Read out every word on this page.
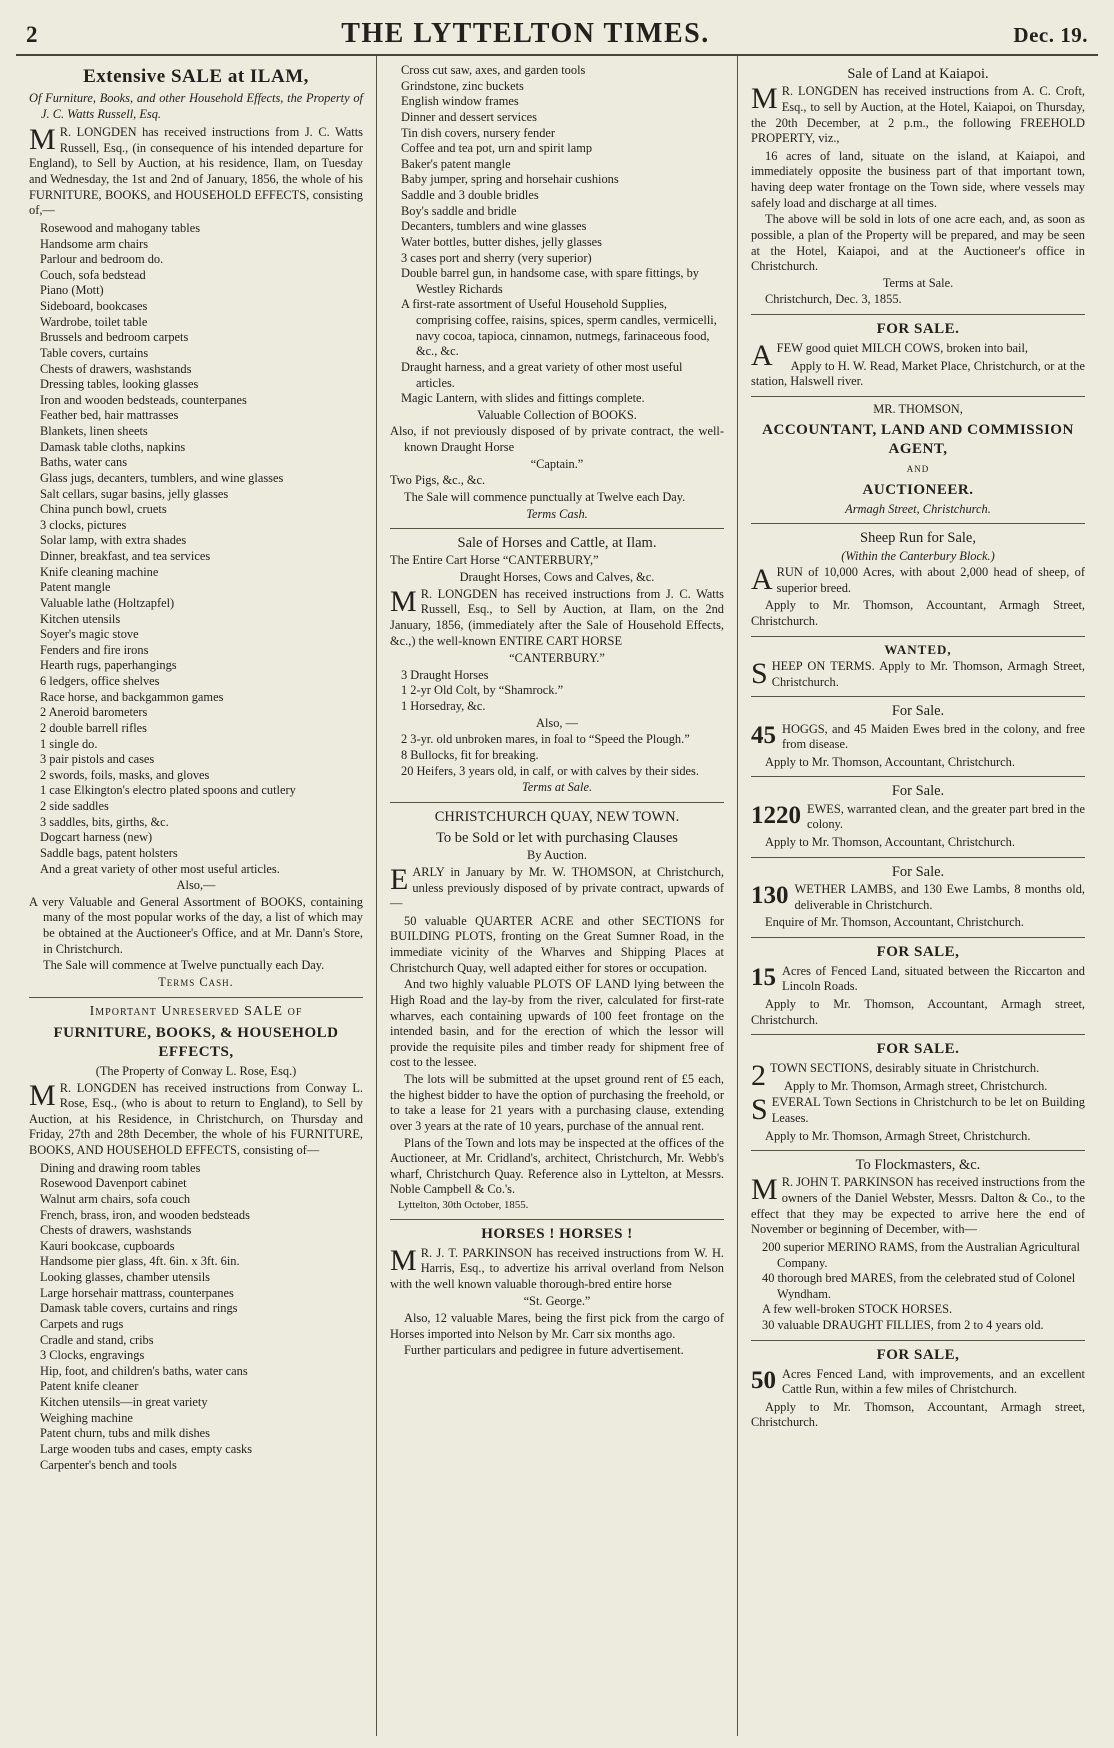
2	THE LYTTELTON TIMES.	Dec. 19.

Extensive SALE at ILAM,

Of Furniture, Books, and other Household Effects, the Property of J. C. Watts Russell, Esq.

M R. LONGDEN has received instructions from J. C. Watts Russell, Esq., (in consequence of his intended departure for England), to Sell by Auction, at his residence, Ilam, on Tuesday and Wednesday, the 1st and 2nd of January, 1856, the whole of his FURNITURE, BOOKS, and HOUSEHOLD EFFECTS, consisting of,—

Rosewood and mahogany tables
Handsome arm chairs
Parlour and bedroom do.
Couch, sofa bedstead
Piano (Mott)
Sideboard, bookcases
Wardrobe, toilet table
Brussels and bedroom carpets
Table covers, curtains
Chests of drawers, washstands
Dressing tables, looking glasses
Iron and wooden bedsteads, counterpanes
Feather bed, hair mattrasses
Blankets, linen sheets
Damask table cloths, napkins
Baths, water cans
Glass jugs, decanters, tumblers, and wine glasses
Salt cellars, sugar basins, jelly glasses
China punch bowl, cruets
3 clocks, pictures
Solar lamp, with extra shades
Dinner, breakfast, and tea services
Knife cleaning machine
Patent mangle
Valuable lathe (Holtzapfel)
Kitchen utensils
Soyer's magic stove
Fenders and fire irons
Hearth rugs, paperhangings
6 ledgers, office shelves
Race horse, and backgammon games
2 Aneroid barometers
2 double barrell rifles
1 single do.
3 pair pistols and cases
2 swords, foils, masks, and gloves
1 case Elkington's electro plated spoons and cutlery
2 side saddles
3 saddles, bits, girths, &c.
Dogcart harness (new)
Saddle bags, patent holsters
And a great variety of other most useful articles.

Also,—

A very Valuable and General Assortment of BOOKS, containing many of the most popular works of the day, a list of which may be obtained at the Auctioneer's Office, and at Mr. Dann's Store, in Christchurch.

The Sale will commence at Twelve punctually each Day.

Terms Cash.

Important Unreserved SALE of

FURNITURE, BOOKS, & HOUSEHOLD EFFECTS,

(The Property of Conway L. Rose, Esq.)

M R. LONGDEN has received instructions from Conway L. Rose, Esq., (who is about to return to England), to Sell by Auction, at his Residence, in Christchurch, on Thursday and Friday, 27th and 28th December, the whole of his FURNITURE, BOOKS, AND HOUSEHOLD EFFECTS, consisting of—

Dining and drawing room tables
Rosewood Davenport cabinet
Walnut arm chairs, sofa couch
French, brass, iron, and wooden bedsteads
Chests of drawers, washstands
Kauri bookcase, cupboards
Handsome pier glass, 4ft. 6in. x 3ft. 6in.
Looking glasses, chamber utensils
Large horsehair mattrass, counterpanes
Damask table covers, curtains and rings
Carpets and rugs
Cradle and stand, cribs
3 Clocks, engravings
Hip, foot, and children's baths, water cans
Patent knife cleaner
Kitchen utensils—in great variety
Weighing machine
Patent churn, tubs and milk dishes
Large wooden tubs and cases, empty casks
Carpenter's bench and tools
Cross cut saw, axes, and garden tools
Grindstone, zinc buckets
English window frames
Dinner and dessert services
Tin dish covers, nursery fender
Coffee and tea pot, urn and spirit lamp
Baker's patent mangle
Baby jumper, spring and horsehair cushions
Saddle and 3 double bridles
Boy's saddle and bridle
Decanters, tumblers and wine glasses
Water bottles, butter dishes, jelly glasses
3 cases port and sherry (very superior)
Double barrel gun, in handsome case, with spare fittings, by Westley Richards
A first-rate assortment of Useful Household Supplies, comprising coffee, raisins, spices, sperm candles, vermicelli, navy cocoa, tapioca, cinnamon, nutmegs, farinaceous food, &c., &c.
Draught harness, and a great variety of other most useful articles.
Magic Lantern, with slides and fittings complete.

Valuable Collection of BOOKS.

Also, if not previously disposed of by private contract, the well-known Draught Horse

“Captain.”

Two Pigs, &c., &c.

The Sale will commence punctually at Twelve each Day.

Terms Cash.

Sale of Horses and Cattle, at Ilam.

The Entire Cart Horse “CANTERBURY,”

Draught Horses, Cows and Calves, &c.

M R. LONGDEN has received instructions from J. C. Watts Russell, Esq., to Sell by Auction, at Ilam, on the 2nd January, 1856, (immediately after the Sale of Household Effects, &c.,) the well-known ENTIRE CART HORSE

“CANTERBURY.”

3 Draught Horses
1 2-yr Old Colt, by “Shamrock.”
1 Horsedray, &c.

Also, —

2 3-yr. old unbroken mares, in foal to “Speed the Plough.”
8 Bullocks, fit for breaking.
20 Heifers, 3 years old, in calf, or with calves by their sides.

Terms at Sale.

CHRISTCHURCH QUAY, NEW TOWN.

To be Sold or let with purchasing Clauses

By Auction.

EARLY in January by Mr. W. THOMSON, at Christchurch, unless previously disposed of by private contract, upwards of—

50 valuable QUARTER ACRE and other SECTIONS for BUILDING PLOTS, fronting on the Great Sumner Road, in the immediate vicinity of the Wharves and Shipping Places at Christchurch Quay, well adapted either for stores or occupation.

And two highly valuable PLOTS OF LAND lying between the High Road and the lay-by from the river, calculated for first-rate wharves, each containing upwards of 100 feet frontage on the intended basin, and for the erection of which the lessor will provide the requisite piles and timber ready for shipment free of cost to the lessee.

The lots will be submitted at the upset ground rent of £5 each, the highest bidder to have the option of purchasing the freehold, or to take a lease for 21 years with a purchasing clause, extending over 3 years at the rate of 10 years, purchase of the annual rent.

Plans of the Town and lots may be inspected at the offices of the Auctioneer, at Mr. Cridland's, architect, Christchurch, Mr. Webb's wharf, Christchurch Quay. Reference also in Lyttelton, at Messrs. Noble Campbell & Co.'s.

Lyttelton, 30th October, 1855.

HORSES ! HORSES !

M R. J. T. PARKINSON has received instructions from W. H. Harris, Esq., to advertize his arrival overland from Nelson with the well known valuable thorough-bred entire horse

“St. George.”

Also, 12 valuable Mares, being the first pick from the cargo of Horses imported into Nelson by Mr. Carr six months ago.

Further particulars and pedigree in future advertisement.

Sale of Land at Kaiapoi.

M R. LONGDEN has received instructions from A. C. Croft, Esq., to sell by Auction, at the Hotel, Kaiapoi, on Thursday, the 20th December, at 2 p.m., the following FREEHOLD PROPERTY, viz.,

16 acres of land, situate on the island, at Kaiapoi, and immediately opposite the business part of that important town, having deep water frontage on the Town side, where vessels may safely load and discharge at all times.

The above will be sold in lots of one acre each, and, as soon as possible, a plan of the Property will be prepared, and may be seen at the Hotel, Kaiapoi, and at the Auctioneer's office in Christchurch.

Terms at Sale.

Christchurch, Dec. 3, 1855.

FOR SALE.

AFEW good quiet MILCH COWS, broken into bail,

Apply to H. W. Read, Market Place, Christchurch, or at the station, Halswell river.

MR. THOMSON,

ACCOUNTANT, LAND AND COMMISSION AGENT,

and

AUCTIONEER.

Armagh Street, Christchurch.

Sheep Run for Sale,

(Within the Canterbury Block.)

ARUN of 10,000 Acres, with about 2,000 head of sheep, of superior breed.

Apply to Mr. Thomson, Accountant, Armagh Street, Christchurch.

WANTED,

SHEEP ON TERMS. Apply to Mr. Thomson, Armagh Street, Christchurch.

For Sale.

45 HOGGS, and 45 Maiden Ewes bred in the colony, and free from disease.

Apply to Mr. Thomson, Accountant, Christchurch.

For Sale.

1220 EWES, warranted clean, and the greater part bred in the colony.

Apply to Mr. Thomson, Accountant, Christchurch.

For Sale.

130 WETHER LAMBS, and 130 Ewe Lambs, 8 months old, deliverable in Christchurch.

Enquire of Mr. Thomson, Accountant, Christchurch.

FOR SALE,

15 Acres of Fenced Land, situated between the Riccarton and Lincoln Roads.

Apply to Mr. Thomson, Accountant, Armagh street, Christchurch.

FOR SALE.

2 TOWN SECTIONS, desirably situate in Christchurch.

Apply to Mr. Thomson, Armagh street, Christchurch.

SEVERAL Town Sections in Christchurch to be let on Building Leases.

Apply to Mr. Thomson, Armagh Street, Christchurch.

To Flockmasters, &c.

M R. JOHN T. PARKINSON has received instructions from the owners of the Daniel Webster, Messrs. Dalton & Co., to the effect that they may be expected to arrive here the end of November or beginning of December, with—

200 superior MERINO RAMS, from the Australian Agricultural Company.
40 thorough bred MARES, from the celebrated stud of Colonel Wyndham.
A few well-broken STOCK HORSES.
30 valuable DRAUGHT FILLIES, from 2 to 4 years old.

FOR SALE,

50 Acres Fenced Land, with improvements, and an excellent Cattle Run, within a few miles of Christchurch.

Apply to Mr. Thomson, Accountant, Armagh street, Christchurch.
